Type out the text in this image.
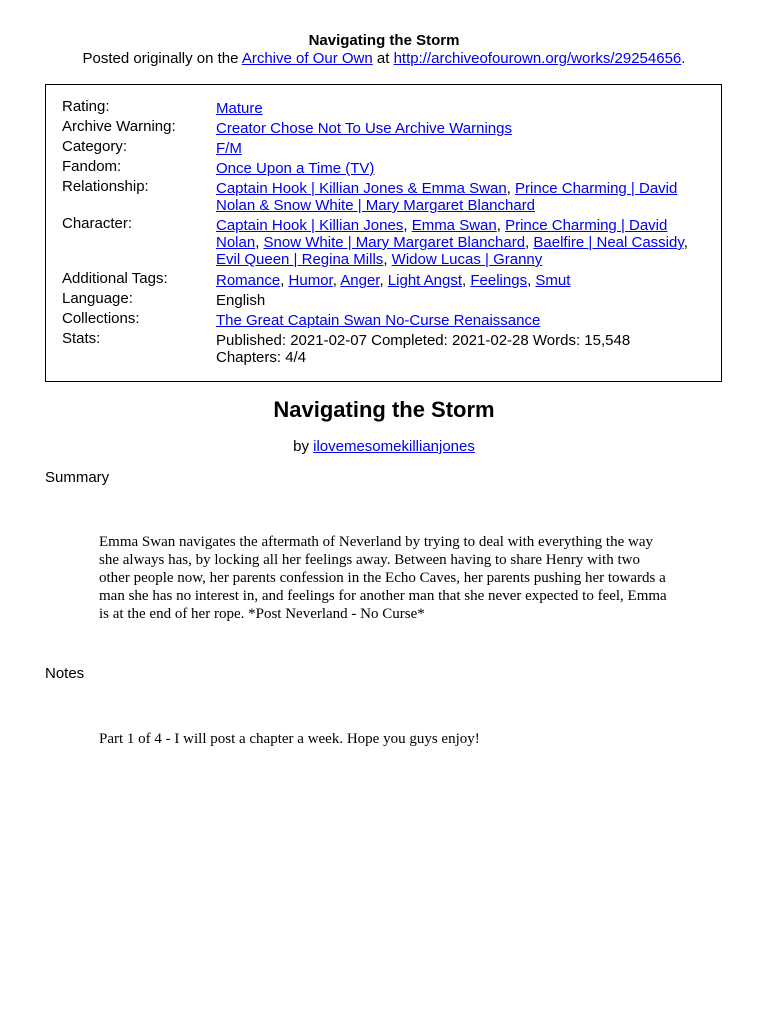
Navigating the Storm
Posted originally on the Archive of Our Own at http://archiveofourown.org/works/29254656.
Rating:	Mature
Archive Warning:	Creator Chose Not To Use Archive Warnings
Category:	F/M
Fandom:	Once Upon a Time (TV)
Relationship:	Captain Hook | Killian Jones & Emma Swan, Prince Charming | David Nolan & Snow White | Mary Margaret Blanchard
Character:	Captain Hook | Killian Jones, Emma Swan, Prince Charming | David Nolan, Snow White | Mary Margaret Blanchard, Baelfire | Neal Cassidy, Evil Queen | Regina Mills, Widow Lucas | Granny
Additional Tags:	Romance, Humor, Anger, Light Angst, Feelings, Smut
Language:	English
Collections:	The Great Captain Swan No-Curse Renaissance
Stats:	Published: 2021-02-07 Completed: 2021-02-28 Words: 15,548
Chapters: 4/4
Navigating the Storm
by ilovemesomekillianjones
Summary
Emma Swan navigates the aftermath of Neverland by trying to deal with everything the way she always has, by locking all her feelings away. Between having to share Henry with two other people now, her parents confession in the Echo Caves, her parents pushing her towards a man she has no interest in, and feelings for another man that she never expected to feel, Emma is at the end of her rope. *Post Neverland - No Curse*
Notes
Part 1 of 4 - I will post a chapter a week. Hope you guys enjoy!
